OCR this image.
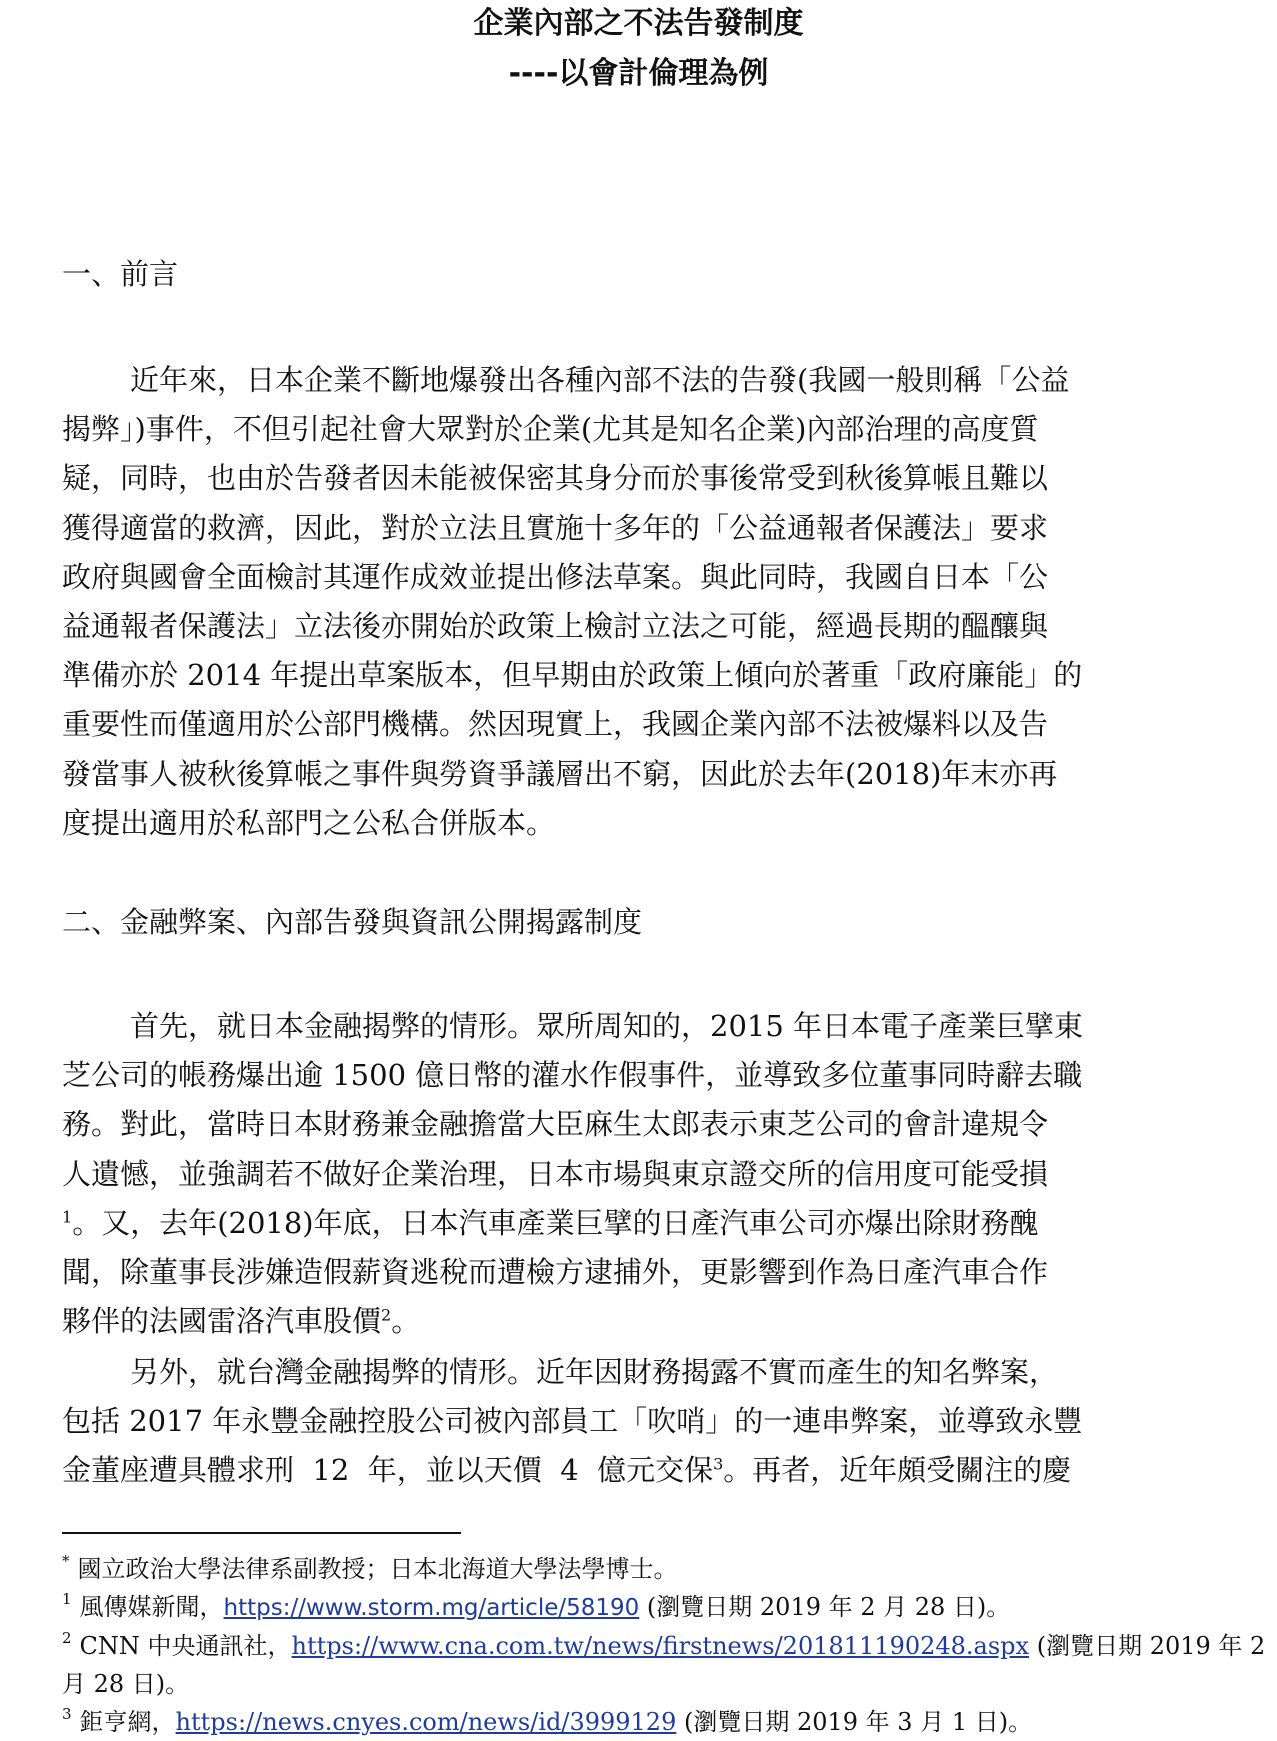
企業內部之不法告發制度
----以會計倫理為例
一、前言
近年來，日本企業不斷地爆發出各種內部不法的告發(我國一般則稱「公益
揭弊」)事件，不但引起社會大眾對於企業(尤其是知名企業)內部治理的高度質
疑，同時，也由於告發者因未能被保密其身分而於事後常受到秋後算帳且難以
獲得適當的救濟，因此，對於立法且實施十多年的「公益通報者保護法」要求
政府與國會全面檢討其運作成效並提出修法草案。與此同時，我國自日本「公
益通報者保護法」立法後亦開始於政策上檢討立法之可能，經過長期的醞釀與
準備亦於 2014 年提出草案版本，但早期由於政策上傾向於著重「政府廉能」的
重要性而僅適用於公部門機構。然因現實上，我國企業內部不法被爆料以及告
發當事人被秋後算帳之事件與勞資爭議層出不窮，因此於去年(2018)年末亦再
度提出適用於私部門之公私合併版本。
二、金融弊案、內部告發與資訊公開揭露制度
首先，就日本金融揭弊的情形。眾所周知的，2015 年日本電子產業巨擘東
芝公司的帳務爆出逾 1500 億日幣的灌水作假事件，並導致多位董事同時辭去職
務。對此，當時日本財務兼金融擔當大臣麻生太郎表示東芝公司的會計違規令
人遺憾，並強調若不做好企業治理，日本市場與東京證交所的信用度可能受損
$^1$。又，去年(2018)年底，日本汽車產業巨擘的日產汽車公司亦爆出除財務醜
聞，除董事長涉嫌造假薪資逃稅而遭檢方逮捕外，更影響到作為日產汽車合作
夥伴的法國雷洛汽車股價$^2$。
另外，就台灣金融揭弊的情形。近年因財務揭露不實而產生的知名弊案，
包括 2017 年永豐金融控股公司被內部員工「吹哨」的一連串弊案，並導致永豐
金董座遭具體求刑  12  年，並以天價  4  億元交保$^3$。再者，近年頗受關注的慶
* 國立政治大學法律系副教授；日本北海道大學法學博士。
$^1$ 風傳媒新聞，https://www.storm.mg/article/58190 (瀏覽日期 2019 年 2 月 28 日)。
$^2$ CNN 中央通訊社，https://www.cna.com.tw/news/firstnews/201811190248.aspx (瀏覽日期 2019 年 2
月 28 日)。
$^3$ 鉅亨網，https://news.cnyes.com/news/id/3999129 (瀏覽日期 2019 年 3 月 1 日)。
